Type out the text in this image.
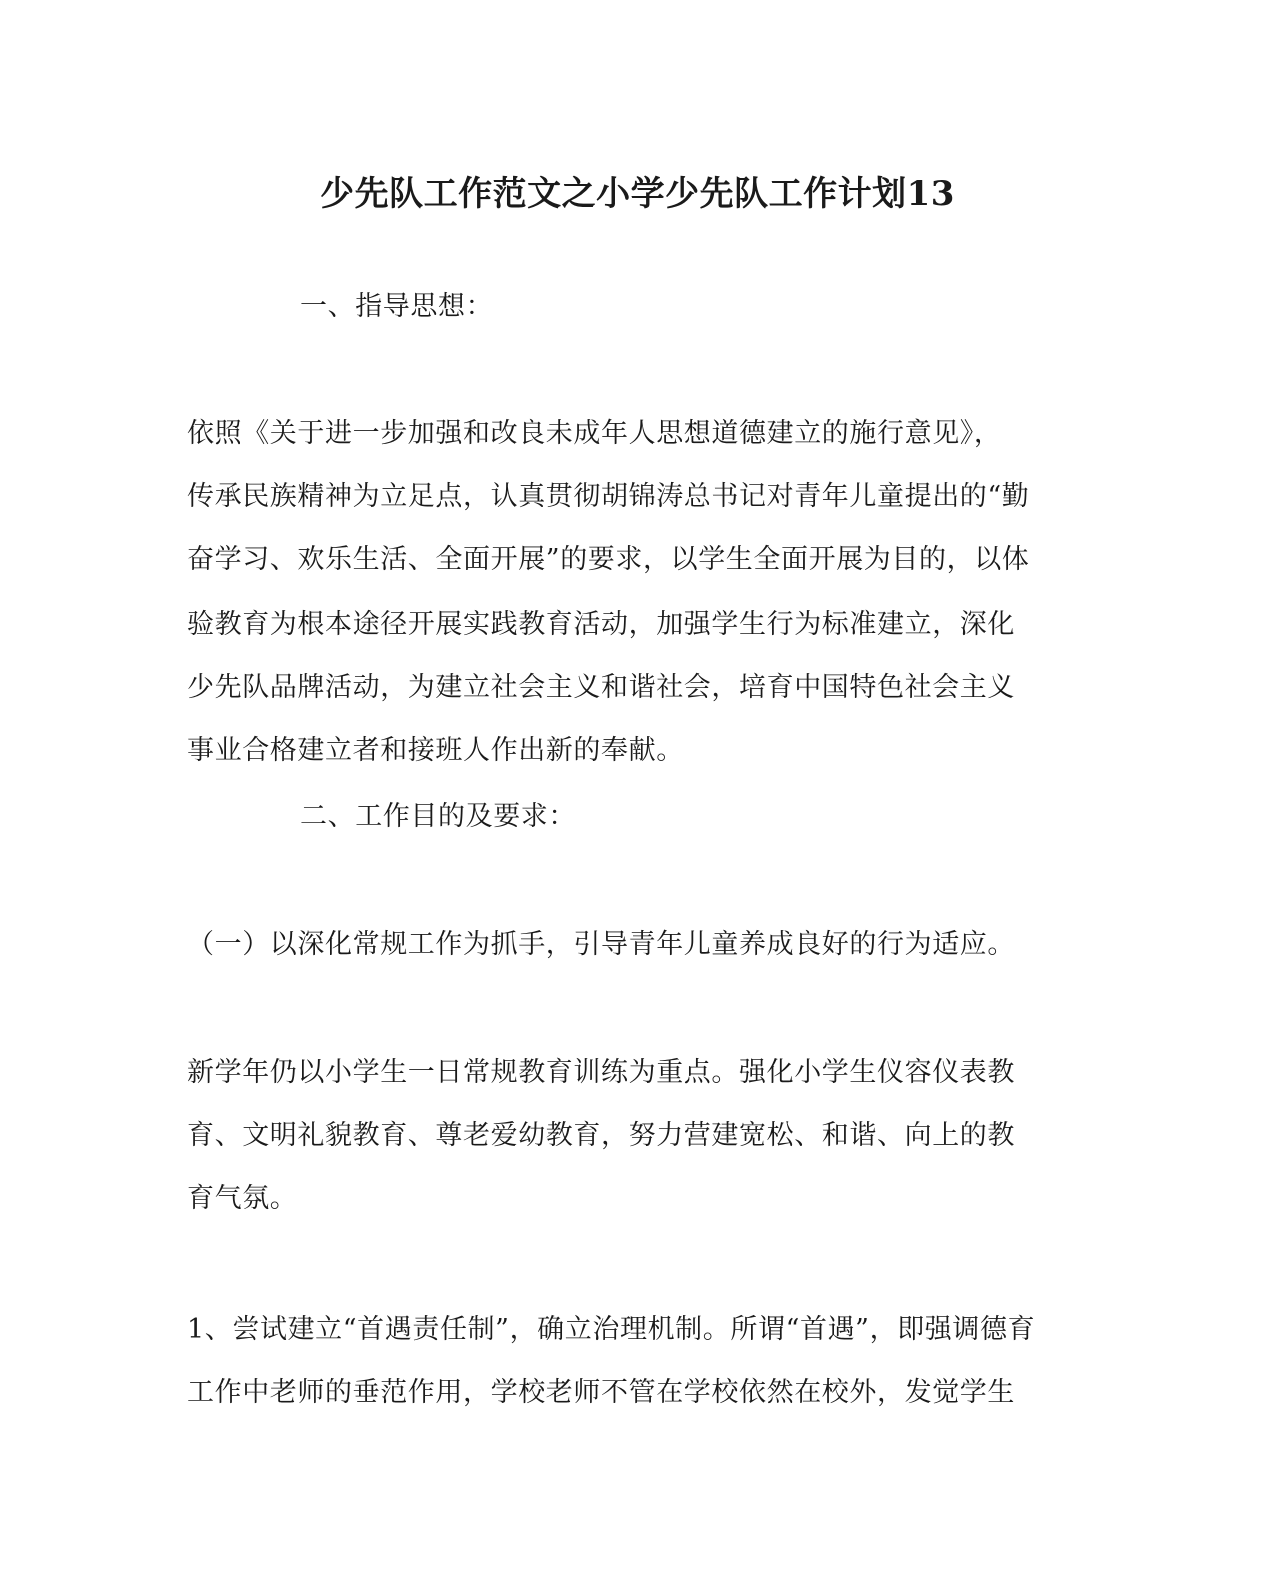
少先队工作范文之小学少先队工作计划13
一、指导思想：
依照《关于进一步加强和改良未成年人思想道德建立的施行意见》，
传承民族精神为立足点，认真贯彻胡锦涛总书记对青年儿童提出的“勤
奋学习、欢乐生活、全面开展”的要求，以学生全面开展为目的，以体
验教育为根本途径开展实践教育活动，加强学生行为标准建立，深化
少先队品牌活动，为建立社会主义和谐社会，培育中国特色社会主义
事业合格建立者和接班人作出新的奉献。
二、工作目的及要求：
（一）以深化常规工作为抓手，引导青年儿童养成良好的行为适应。
新学年仍以小学生一日常规教育训练为重点。强化小学生仪容仪表教
育、文明礼貌教育、尊老爱幼教育，努力营建宽松、和谐、向上的教
育气氛。
1、尝试建立“首遇责任制”，确立治理机制。所谓“首遇”，即强调德育
工作中老师的垂范作用，学校老师不管在学校依然在校外，发觉学生
